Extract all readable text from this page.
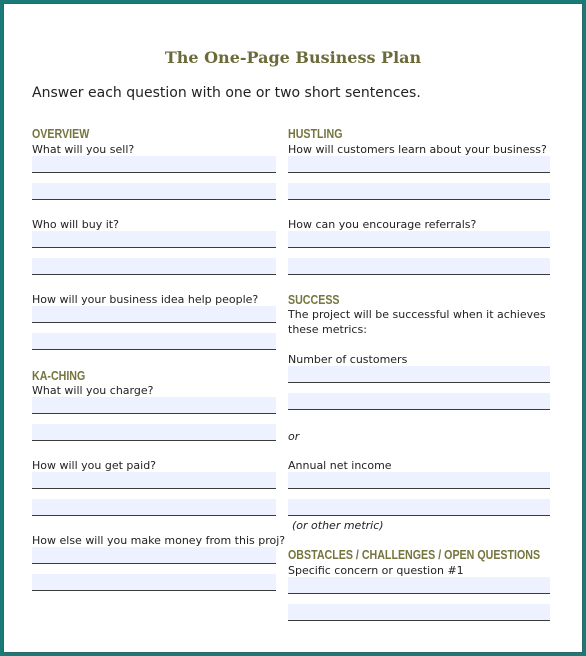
The One-Page Business Plan
Answer each question with one or two short sentences.
OVERVIEW
What will you sell?
Who will buy it?
How will your business idea help people?
KA-CHING
What will you charge?
How will you get paid?
How else will you make money from this proj?
HUSTLING
How will customers learn about your business?
How can you encourage referrals?
SUCCESS
The project will be successful when it achieves
these metrics:
Number of customers
or
Annual net income
(or other metric)
OBSTACLES / CHALLENGES / OPEN QUESTIONS
Specific concern or question #1
